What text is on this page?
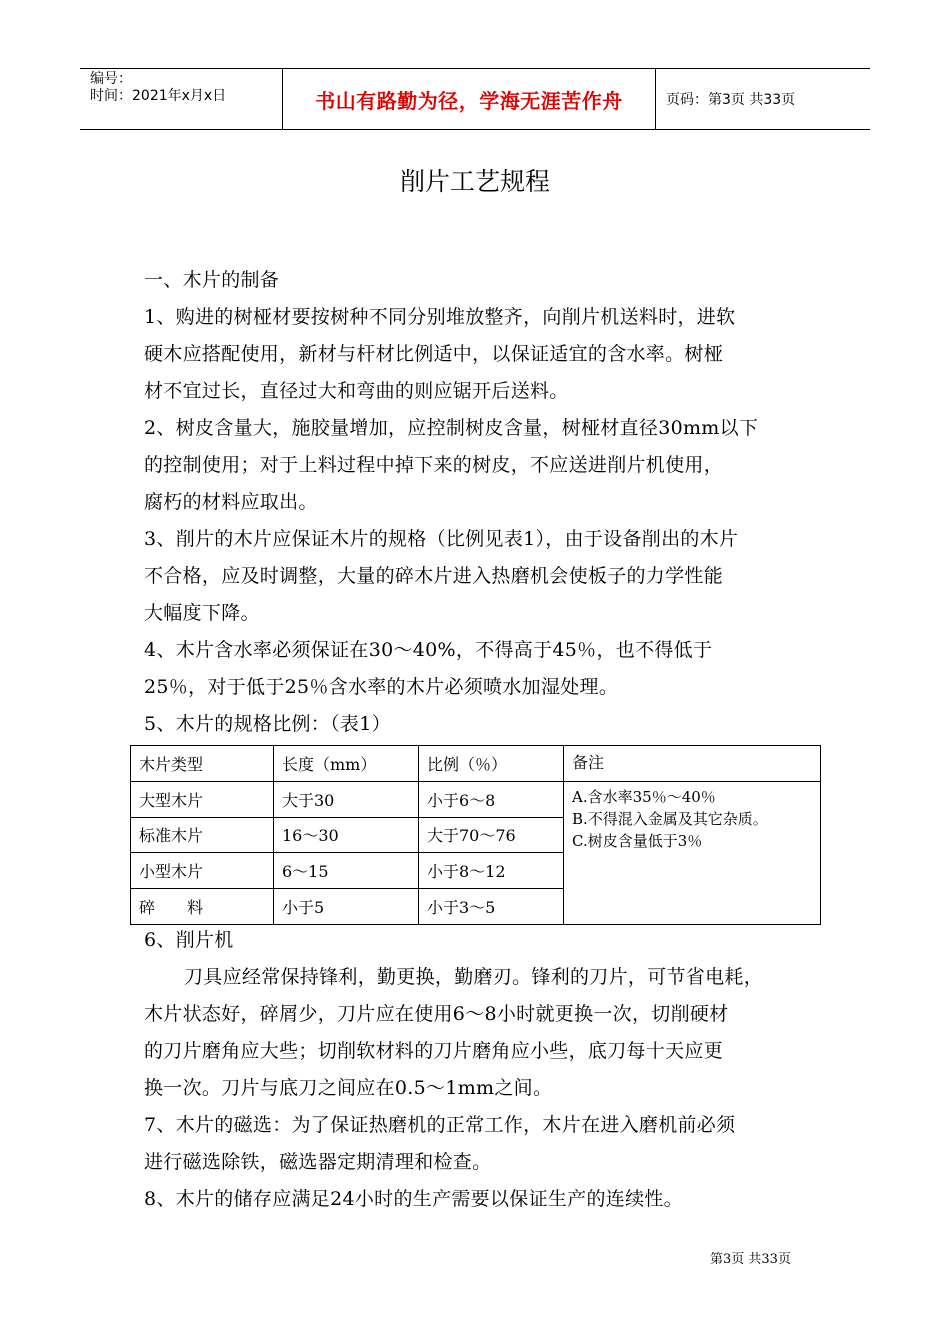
编号：
时间：2021年x月x日	书山有路勤为径，学海无涯苦作舟	页码：第3页 共33页
削片工艺规程
一、木片的制备
1、购进的树桠材要按树种不同分别堆放整齐，向削片机送料时，进软
硬木应搭配使用，新材与杆材比例适中，以保证适宜的含水率。树桠
材不宜过长，直径过大和弯曲的则应锯开后送料。
2、树皮含量大，施胶量增加，应控制树皮含量，树桠材直径30mm以下
的控制使用；对于上料过程中掉下来的树皮，不应送进削片机使用，
腐朽的材料应取出。
3、削片的木片应保证木片的规格（比例见表1），由于设备削出的木片
不合格，应及时调整，大量的碎木片进入热磨机会使板子的力学性能
大幅度下降。
4、木片含水率必须保证在30～40%，不得高于45％，也不得低于
25％，对于低于25％含水率的木片必须喷水加湿处理。
5、木片的规格比例：（表1）
木片类型	长度（mm）	比例（％）	备注
大型木片	大于30	小于6～8	A.含水率35％～40％
B.不得混入金属及其它杂质。
C.树皮含量低于3％

标准木片	16～30	大于70～76	
小型木片	6～15	小于8～12	
碎　　料	小于5	小于3～5	
6、削片机
刀具应经常保持锋利，勤更换，勤磨刃。锋利的刀片，可节省电耗，
木片状态好，碎屑少，刀片应在使用6～8小时就更换一次，切削硬材
的刀片磨角应大些；切削软材料的刀片磨角应小些，底刀每十天应更
换一次。刀片与底刀之间应在0.5～1mm之间。
7、木片的磁选：为了保证热磨机的正常工作，木片在进入磨机前必须
进行磁选除铁，磁选器定期清理和检查。
8、木片的储存应满足24小时的生产需要以保证生产的连续性。
第3页 共33页
